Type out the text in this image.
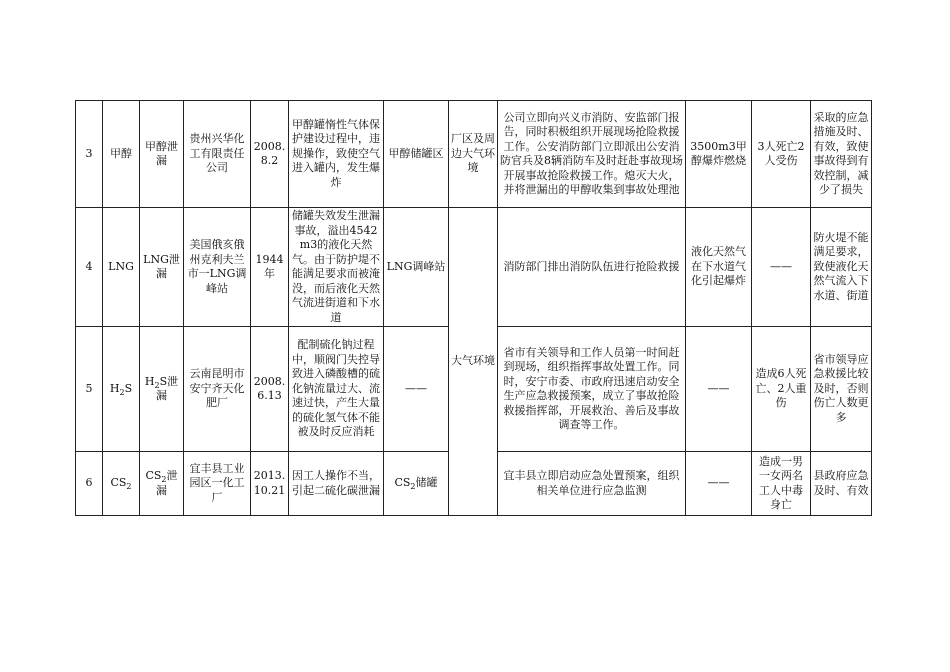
3	甲醇	甲醇泄漏	贵州兴华化工有限责任公司	2008.8.2	甲醇罐惰性气体保护建设过程中，违规操作，致使空气进入罐内，发生爆炸	甲醇储罐区	厂区及周边大气环境	公司立即向兴义市消防、安监部门报告，同时积极组织开展现场抢险救援工作。公安消防部门立即派出公安消防官兵及8辆消防车及时赶赴事故现场开展事故抢险救援工作。熄灭大火，并将泄漏出的甲醇收集到事故处理池	3500m3甲醇爆炸燃烧	3人死亡2人受伤	采取的应急措施及时、有效，致使事故得到有效控制，减少了损失
4	LNG	LNG泄漏	美国俄亥俄州克利夫兰市一LNG调峰站	1944年	储罐失效发生泄漏事故，溢出4542m3的液化天然气。由于防护堤不能满足要求而被淹没，而后液化天然气流进街道和下水道	LNG调峰站	大气环境	消防部门排出消防队伍进行抢险救援	液化天然气在下水道气化引起爆炸	——	防火堤不能满足要求，致使液化天然气流入下水道、街道
5	$H_2S$	$H_2S$泄漏	云南昆明市安宁齐天化肥厂	2008.6.13	配制硫化钠过程中，顺阀门失控导致进入磷酸槽的硫化钠流量过大、流速过快，产生大量的硫化氢气体不能被及时反应消耗	——		省市有关领导和工作人员第一时间赶到现场，组织指挥事故处置工作。同时，安宁市委、市政府迅速启动安全生产应急救援预案，成立了事故抢险救援指挥部，开展救治、善后及事故调查等工作。	——	造成6人死亡、2人重伤	省市领导应急救援比较及时，否则伤亡人数更多
6	$CS_2$	$CS_2$泄漏	宜丰县工业园区一化工厂	2013.10.21	因工人操作不当，引起二硫化碳泄漏	$CS_2$储罐		宜丰县立即启动应急处置预案，组织相关单位进行应急监测	——	造成一男一女两名工人中毒身亡	县政府应急及时、有效
